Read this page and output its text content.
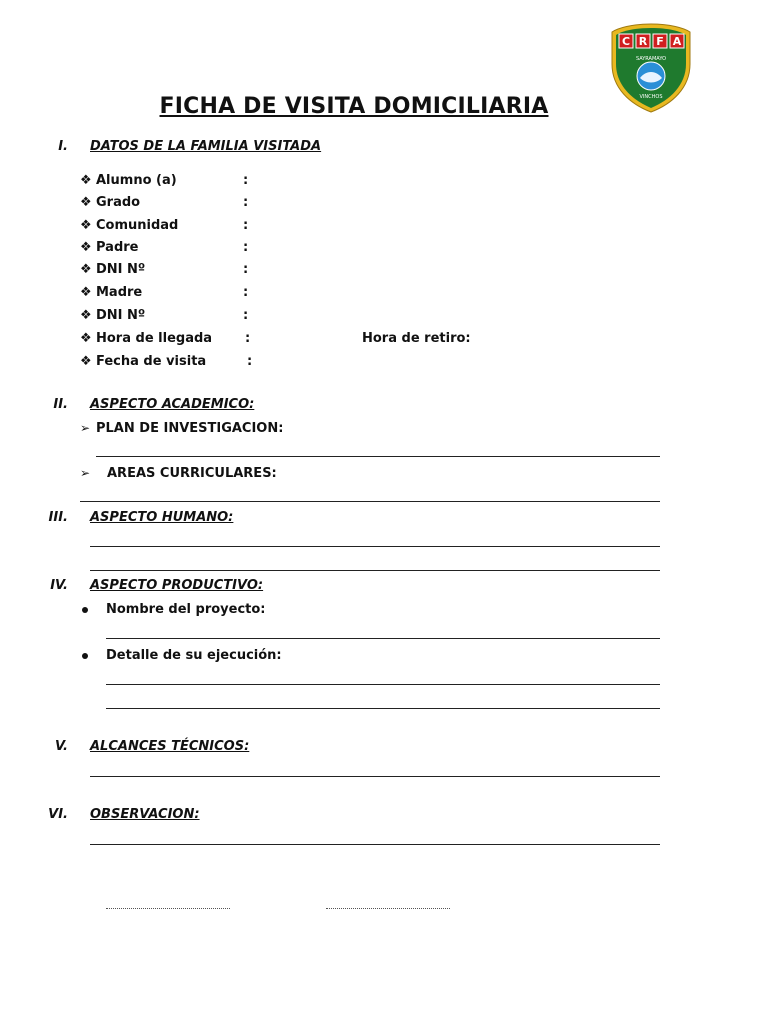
C R F A
SAYRAMAYO
VINCHOS
FICHA DE VISITA DOMICILIARIA
I. DATOS DE LA FAMILIA VISITADA
❖ Alumno (a)	:
❖ Grado	:
❖ Comunidad	:
❖ Padre	:
❖ DNI Nº	:
❖ Madre	:
❖ DNI Nº	:
❖ Hora de llegada	:	Hora de retiro:
❖ Fecha de visita	:
II. ASPECTO ACADEMICO:
➢ PLAN DE INVESTIGACION:
➢ AREAS CURRICULARES:
III. ASPECTO HUMANO:
IV. ASPECTO PRODUCTIVO:
Nombre del proyecto:
Detalle de su ejecución:
V. ALCANCES TÉCNICOS:
VI. OBSERVACION:
